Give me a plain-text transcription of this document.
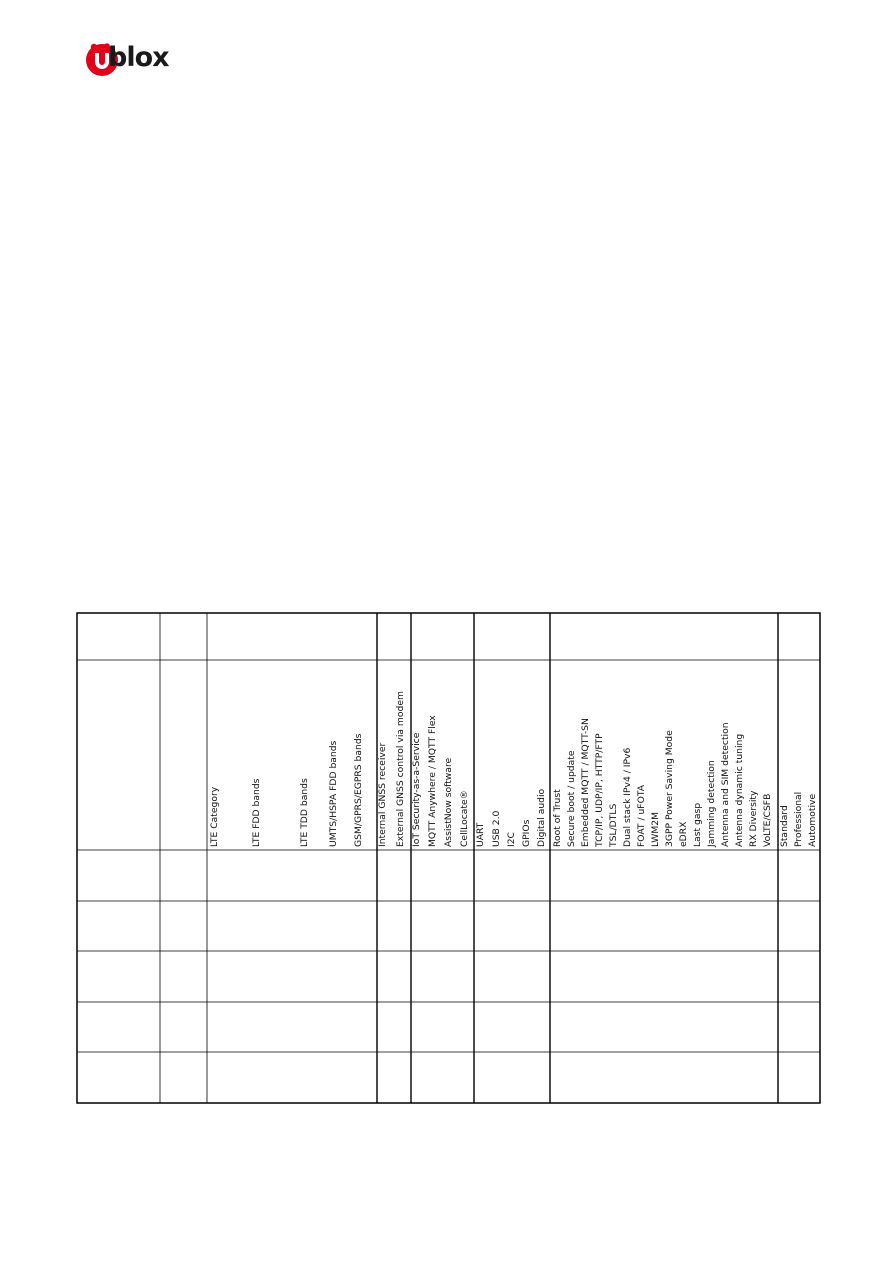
blox
LTE Category	LTE FDD bands	LTE TDD bands UMTS/HSPA FDD bands GSM/GPRS/EGPRS bands Internal GNSS receiver External GNSS control via modem IoT Security-as-a-Service MQTT Anywhere / MQTT Flex AssistNow software CellLocate® UART USB 2.0 I2C GPIOs Digital audio Root of Trust Secure boot / update Embedded MQTT / MQTT-SN TCP/IP, UDP/IP, HTTP/FTP TSL/DTLS Dual stack IPv4 / IPv6 FOAT / uFOTA LWM2M 3GPP Power Saving Mode eDRX Last gasp Jamming detection Antenna and SIM detection Antenna dynamic tuning RX Diversity VoLTE/CSFB Standard Professional Automotive
